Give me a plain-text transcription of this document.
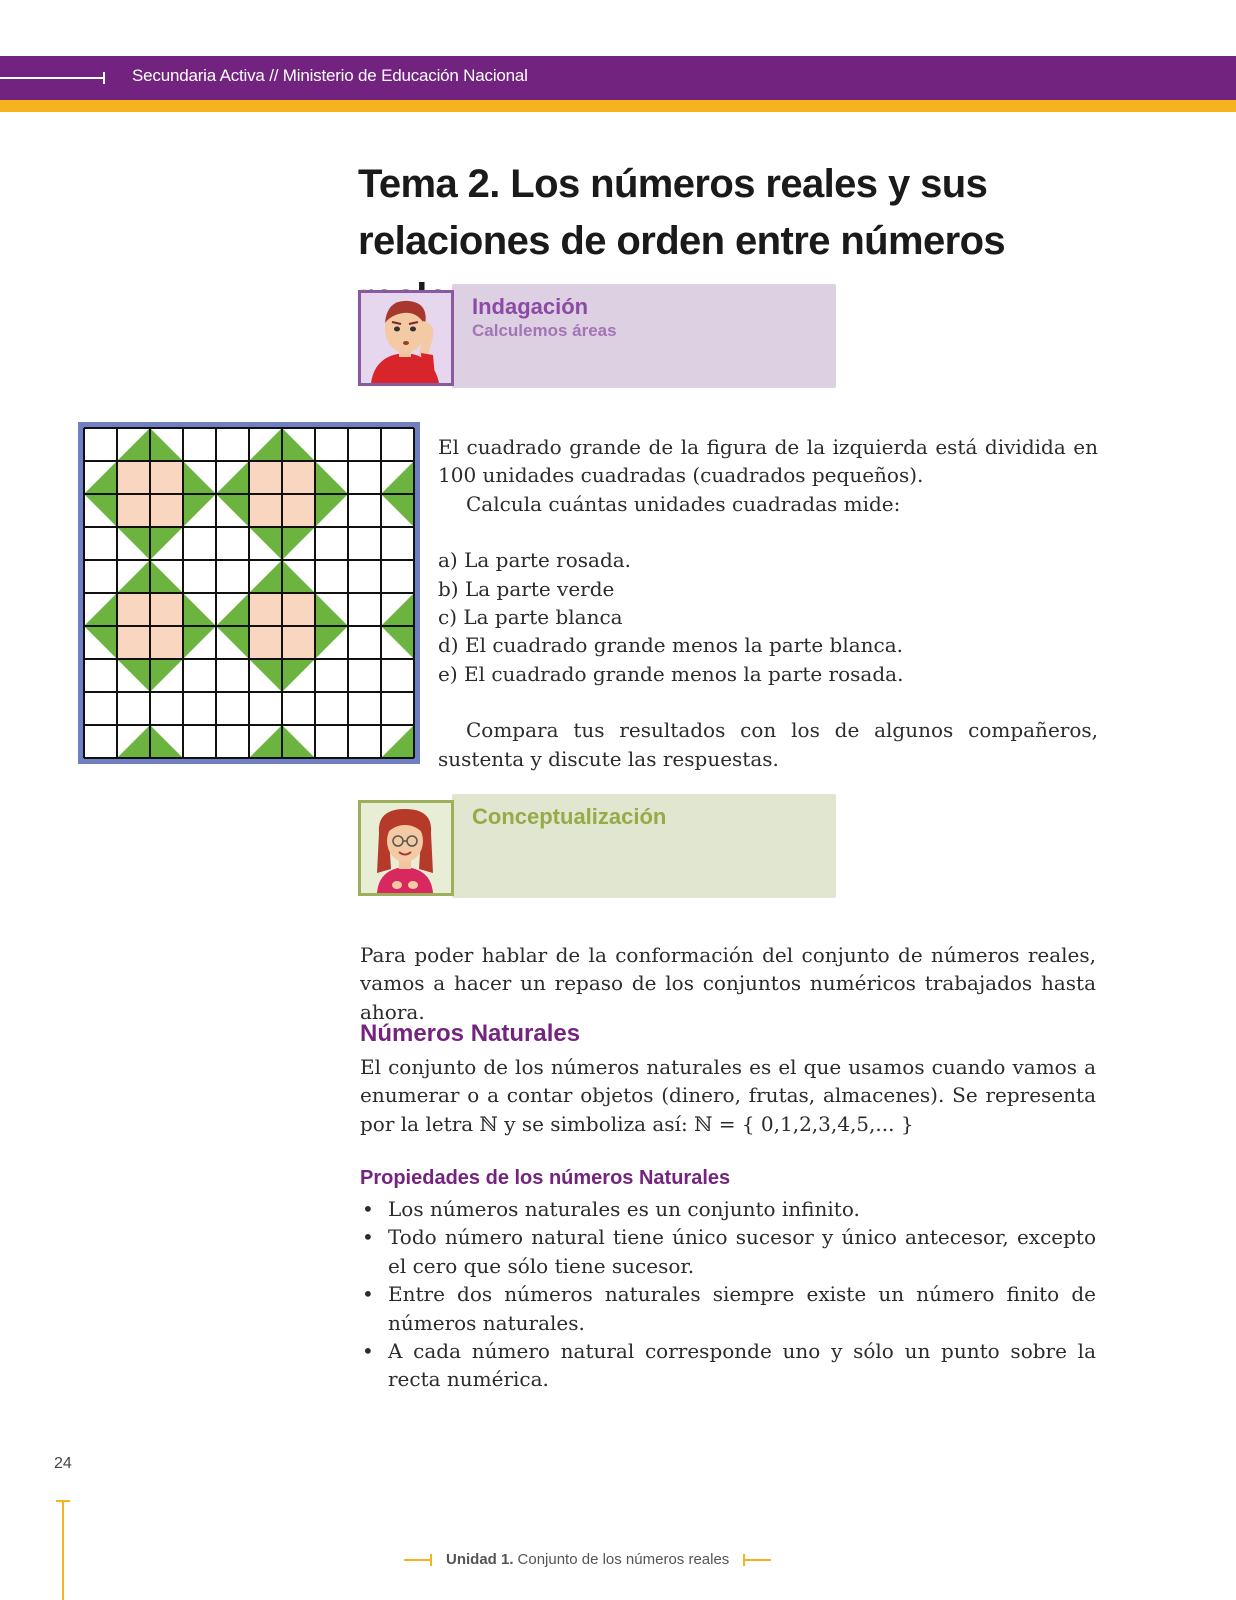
Secundaria Activa // Ministerio de Educación Nacional
Tema 2. Los números reales y sus
relaciones de orden entre números
Indagación
Calculemos áreas

El cuadrado grande de la figura de la izquierda está dividida en 100 unidades cuadradas (cuadrados pequeños).

Calcula cuántas unidades cuadradas mide:

a) La parte rosada.
b) La parte verde
c) La parte blanca
d) El cuadrado grande menos la parte blanca.
e) El cuadrado grande menos la parte rosada.

Compara tus resultados con los de algunos compañeros, sustenta y discute las respuestas.

Conceptualización

Para poder hablar de la conformación del conjunto de números reales, vamos a hacer un repaso de los conjuntos numéricos trabajados hasta ahora.

Números Naturales

El conjunto de los números naturales es el que usamos cuando vamos a enumerar o a contar objetos (dinero, frutas, almacenes). Se representa por la letra ℕ y se simboliza así: ℕ = { 0,1,2,3,4,5,... }

Propiedades de los números Naturales
• Los números naturales es un conjunto infinito.
• Todo número natural tiene único sucesor y único antecesor, excepto el cero que sólo tiene sucesor.
• Entre dos números naturales siempre existe un número finito de números naturales.
• A cada número natural corresponde uno y sólo un punto sobre la recta numérica.
24
Unidad 1. Conjunto de los números reales
